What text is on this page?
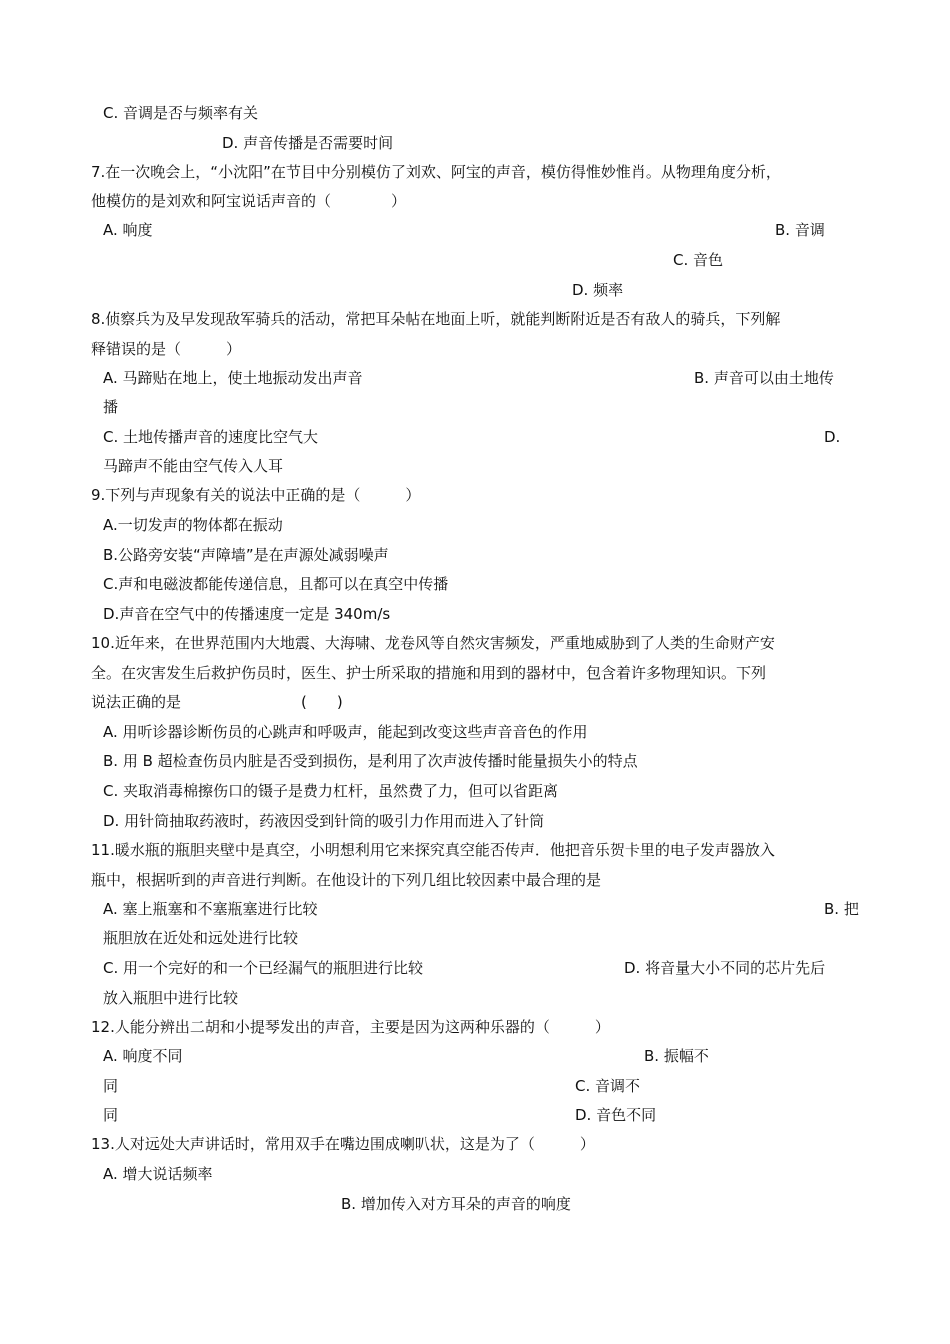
C. 音调是否与频率有关
D. 声音传播是否需要时间
7.在一次晚会上，“小沈阳”在节目中分别模仿了刘欢、阿宝的声音，模仿得惟妙惟肖。从物理角度分析，
他模仿的是刘欢和阿宝说话声音的（　　　　）
A. 响度	B. 音调
C. 音色
D. 频率
8.侦察兵为及早发现敌军骑兵的活动，常把耳朵帖在地面上听，就能判断附近是否有敌人的骑兵，下列解
释错误的是（　　　）
A. 马蹄贴在地上，使土地振动发出声音	B. 声音可以由土地传
播
C. 土地传播声音的速度比空气大	D.
马蹄声不能由空气传入人耳
9.下列与声现象有关的说法中正确的是（　　　）
A.一切发声的物体都在振动
B.公路旁安装“声障墙”是在声源处减弱噪声
C.声和电磁波都能传递信息，且都可以在真空中传播
D.声音在空气中的传播速度一定是 340m/s
10.近年来，在世界范围内大地震、大海啸、龙卷风等自然灾害频发，严重地威胁到了人类的生命财产安
全。在灾害发生后救护伤员时，医生、护士所采取的措施和用到的器材中，包含着许多物理知识。下列
说法正确的是　　　　　　　　(　　)
A. 用听诊器诊断伤员的心跳声和呼吸声，能起到改变这些声音音色的作用
B. 用 B 超检查伤员内脏是否受到损伤，是利用了次声波传播时能量损失小的特点
C. 夹取消毒棉擦伤口的镊子是费力杠杆，虽然费了力，但可以省距离
D. 用针筒抽取药液时，药液因受到针筒的吸引力作用而进入了针筒
11.暖水瓶的瓶胆夹壁中是真空，小明想利用它来探究真空能否传声．他把音乐贺卡里的电子发声器放入
瓶中，根据听到的声音进行判断。在他设计的下列几组比较因素中最合理的是
A. 塞上瓶塞和不塞瓶塞进行比较	B. 把
瓶胆放在近处和远处进行比较
C. 用一个完好的和一个已经漏气的瓶胆进行比较	D. 将音量大小不同的芯片先后
放入瓶胆中进行比较
12.人能分辨出二胡和小提琴发出的声音，主要是因为这两种乐器的（　　　）
A. 响度不同	B. 振幅不
同	C. 音调不
同	D. 音色不同
13.人对远处大声讲话时，常用双手在嘴边围成喇叭状，这是为了（　　　）
A. 增大说话频率
B. 增加传入对方耳朵的声音的响度
